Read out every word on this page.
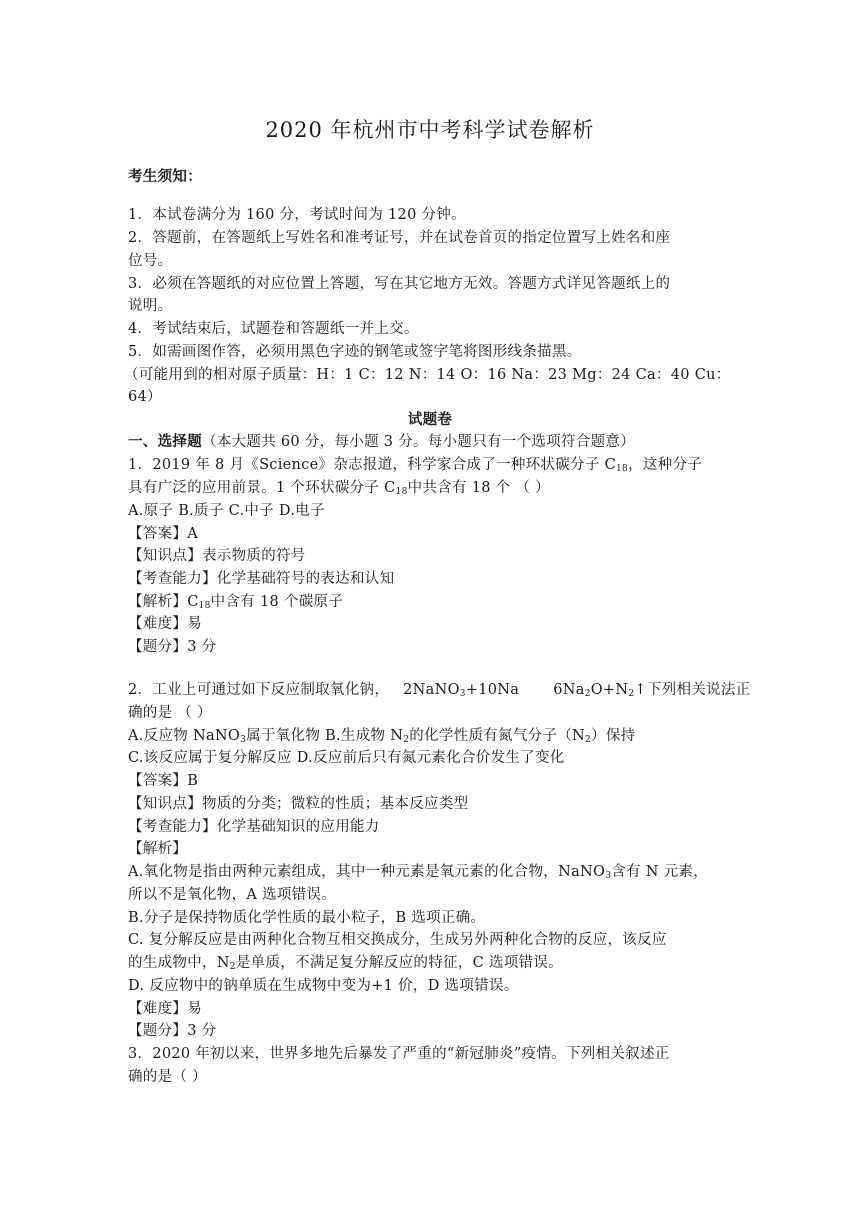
2020 年杭州市中考科学试卷解析
考生须知：
1．本试卷满分为 160 分，考试时间为 120 分钟。
2．答题前，在答题纸上写姓名和准考证号，并在试卷首页的指定位置写上姓名和座
位号。
3．必须在答题纸的对应位置上答题，写在其它地方无效。答题方式详见答题纸上的
说明。
4．考试结束后，试题卷和答题纸一并上交。
5．如需画图作答，必须用黑色字迹的钢笔或签字笔将图形线条描黑。
（可能用到的相对原子质量：H：1 C：12 N：14 O：16 Na：23 Mg：24 Ca：40 Cu：
64）
试题卷
一、选择题（本大题共 60 分，每小题 3 分。每小题只有一个选项符合题意）
1．2019 年 8 月《Science》杂志报道，科学家合成了一种环状碳分子 $C_{18}$，这种分子
具有广泛的应用前景。1 个环状碳分子 $C_{18}$中共含有 18 个 （ ）
A.原子 B.质子 C.中子 D.电子
【答案】A
【知识点】表示物质的符号
【考查能力】化学基础符号的表达和认知
【解析】$C_{18}$中含有 18 个碳原子
【难度】易
【题分】3 分
2．工业上可通过如下反应制取氧化钠， 2NaNO$_3$+10Na $6Na_2O+N_2↑$下列相关说法正
确的是 （ ）
A.反应物 NaNO$_3$属于氧化物 B.生成物 $N_2$的化学性质有氮气分子$(N_2)$保持
C.该反应属于复分解反应 D.反应前后只有氮元素化合价发生了变化
【答案】B
【知识点】物质的分类；微粒的性质；基本反应类型
【考查能力】化学基础知识的应用能力
【解析】
A.氧化物是指由两种元素组成，其中一种元素是氧元素的化合物，NaNO$_3$含有 N 元素，
所以不是氧化物，A 选项错误。
B.分子是保持物质化学性质的最小粒子，B 选项正确。
C. 复分解反应是由两种化合物互相交换成分，生成另外两种化合物的反应，该反应
的生成物中，$N_2$是单质，不满足复分解反应的特征，C 选项错误。
D. 反应物中的钠单质在生成物中变为+1 价，D 选项错误。
【难度】易
【题分】3 分
3．2020 年初以来，世界多地先后暴发了严重的“新冠肺炎”疫情。下列相关叙述正
确的是（ ）
